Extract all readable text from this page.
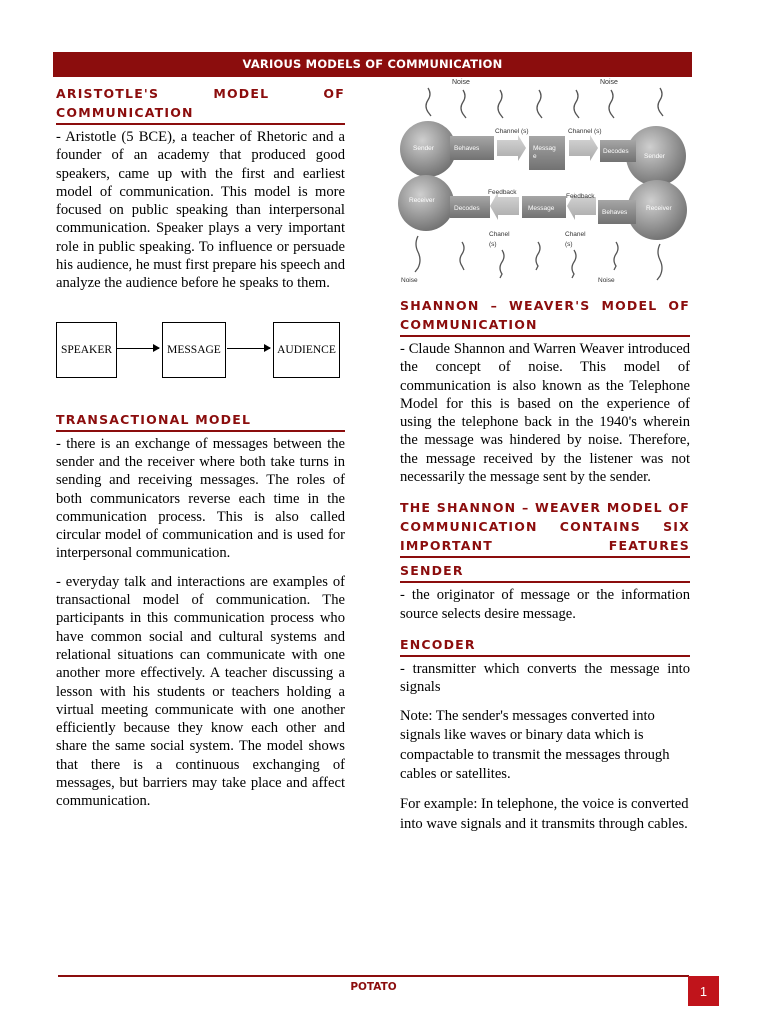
VARIOUS MODELS OF COMMUNICATION
ARISTOTLE'S MODEL OF COMMUNICATION

- Aristotle (5 BCE), a teacher of Rhetoric and a founder of an academy that produced good speakers, came up with the first and earliest model of communication. This model is more focused on public speaking than interpersonal communication. Speaker plays a very important role in public speaking. To influence or persuade his audience, he must first prepare his speech and analyze the audience before he speaks to them.

SPEAKER	MESSAGE	AUDIENCE
TRANSACTIONAL MODEL

- there is an exchange of messages between the sender and the receiver where both take turns in sending and receiving messages. The roles of both communicators reverse each time in the communication process. This is also called circular model of communication and is used for interpersonal communication.

- everyday talk and interactions are examples of transactional model of communication. The participants in this communication process who have common social and cultural systems and relational situations can communicate with one another more effectively. A teacher discussing a lesson with his students or teachers holding a virtual meeting communicate with one another efficiently because they know each other and share the same social system. The model shows that there is a continuous exchanging of messages, but barriers may take place and affect communication.

Noise	Noise
Sender	Behaves	Messag e
Decodes
Sender
Receiver
Decodes	Message
Behaves
Receiver
Channel (s)	Channel (s)
Feedback
Feedback
Chanel
(s)
Chanel
(s)
Noise	Noise
SHANNON – WEAVER'S MODEL OF COMMUNICATION

- Claude Shannon and Warren Weaver introduced the concept of noise. This model of communication is also known as the Telephone Model for this is based on the experience of using the telephone back in the 1940's wherein the message was hindered by noise. Therefore, the message received by the listener was not necessarily the message sent by the sender.

THE SHANNON – WEAVER MODEL OF COMMUNICATION CONTAINS SIX IMPORTANT FEATURES
SENDER

- the originator of message or the information source selects desire message.

ENCODER

- transmitter which converts the message into signals

Note: The sender's messages converted into signals like waves or binary data which is compactable to transmit the messages through cables or satellites.

For example: In telephone, the voice is converted into wave signals and it transmits through cables.

POTATO	1
